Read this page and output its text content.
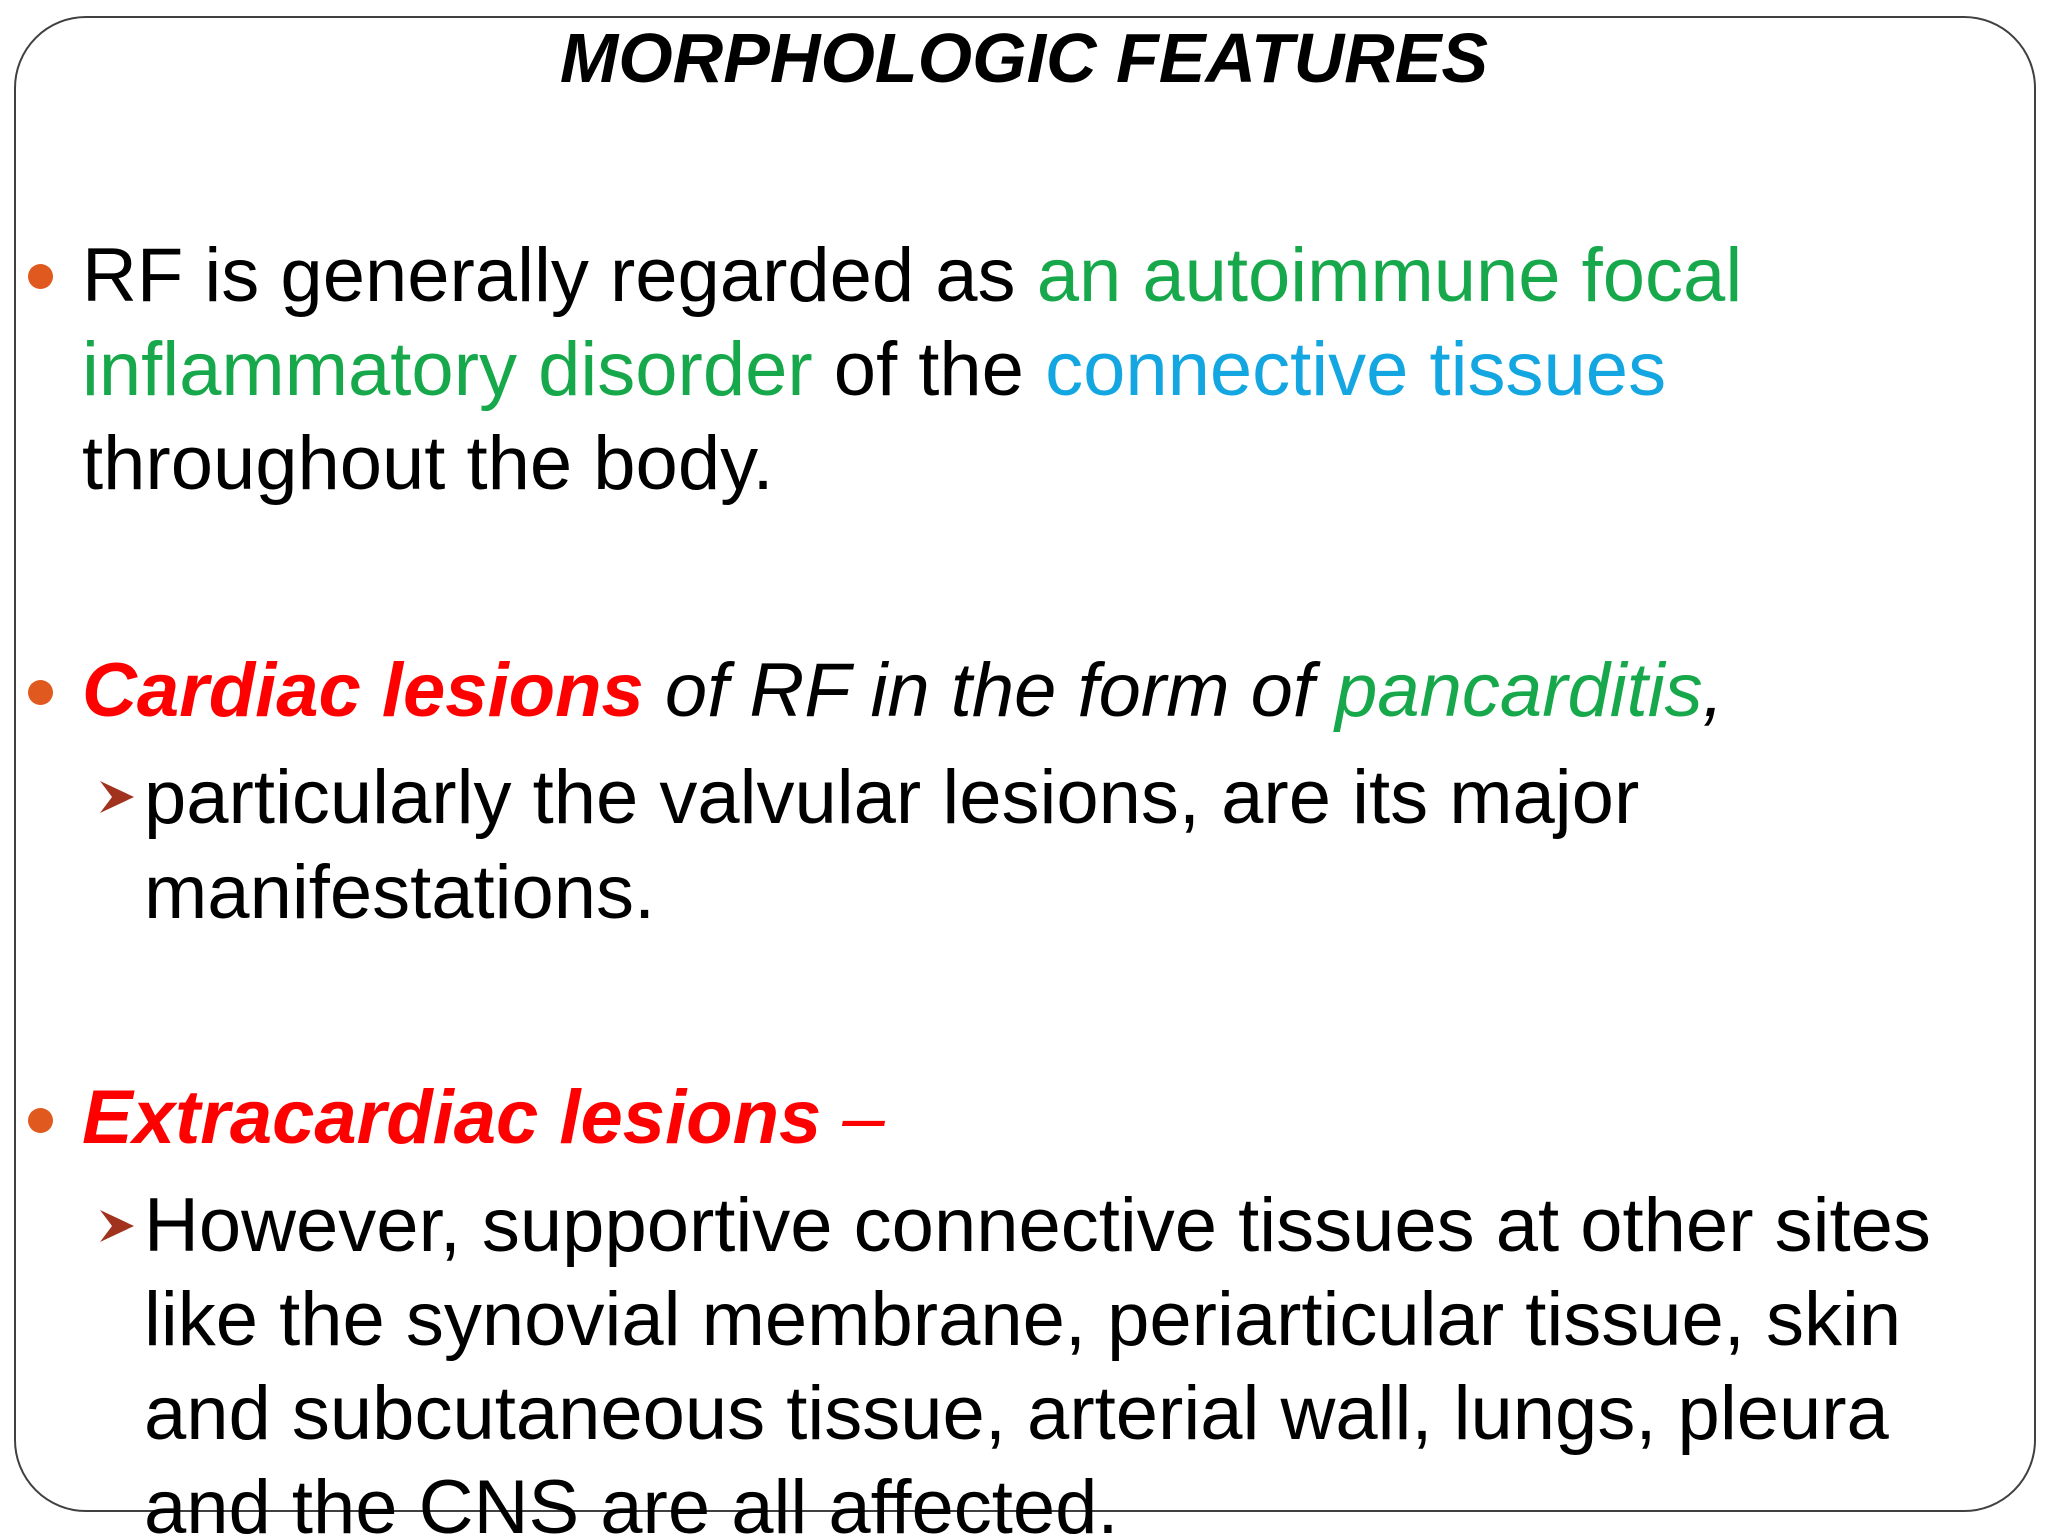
MORPHOLOGIC FEATURES

RF is generally regarded as an autoimmune focal

inflammatory disorder of the connective tissues

throughout the body.

Cardiac lesions of RF in the form of pancarditis,

particularly the valvular lesions, are its major

manifestations.

Extracardiac lesions –

However, supportive connective tissues at other sites

like the synovial membrane, periarticular tissue, skin

and subcutaneous tissue, arterial wall, lungs, pleura

and the CNS are all affected.
